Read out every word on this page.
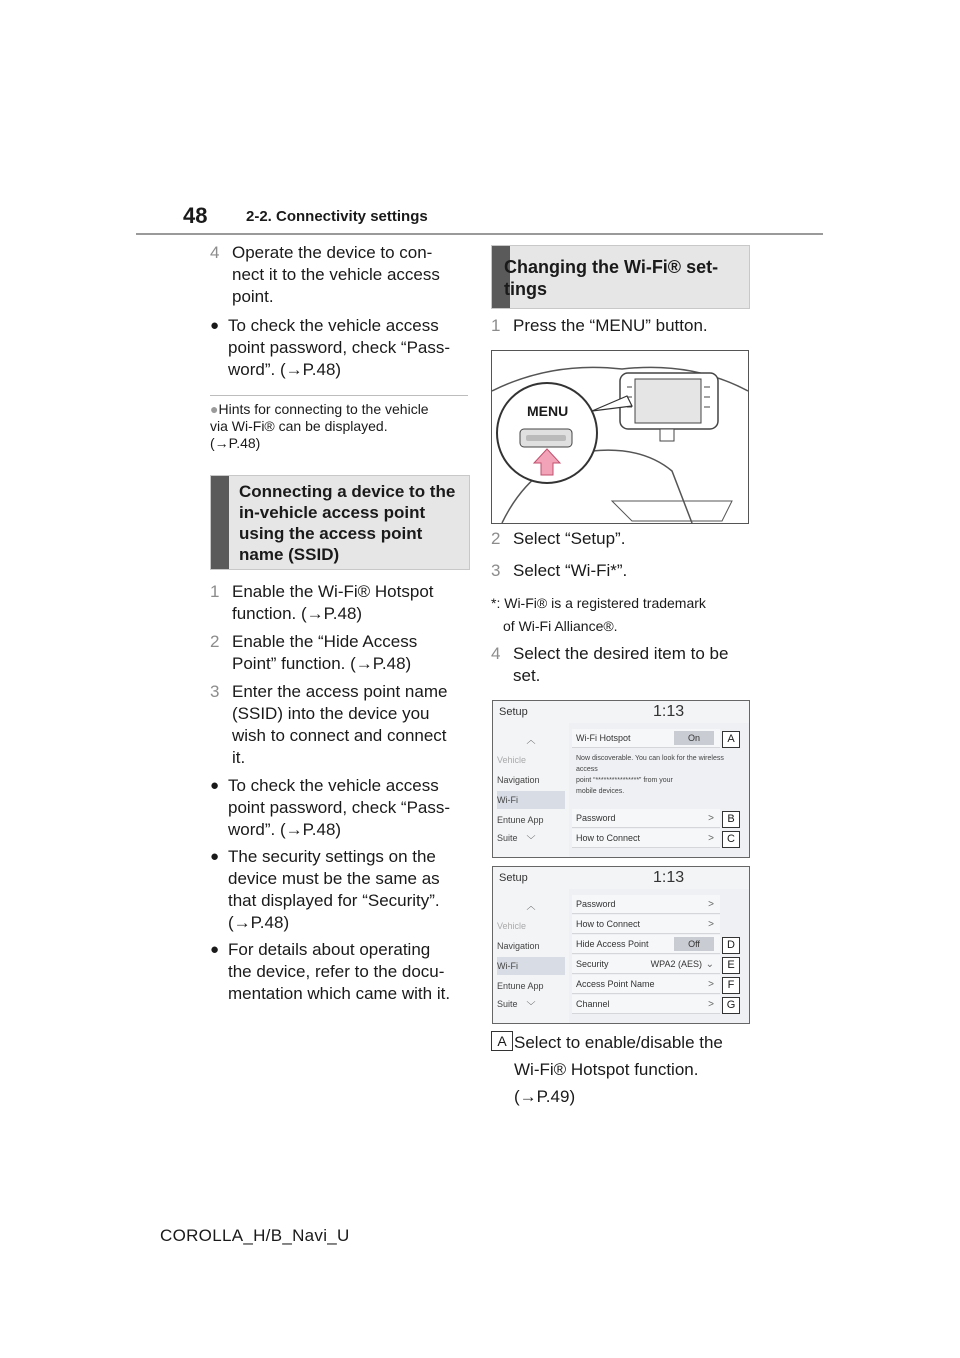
48	2-2. Connectivity settings
4 Operate the device to con-
nect it to the vehicle access
point.
● To check the vehicle access
point password, check “Pass-
word”. (→P.48)
●Hints for connecting to the vehicle
via Wi-Fi® can be displayed.
(→P.48)
Connecting a device to the
in-vehicle access point
using the access point
name (SSID)
1 Enable the Wi-Fi® Hotspot
function. (→P.48)
2 Enable the “Hide Access
Point” function. (→P.48)
3 Enter the access point name
(SSID) into the device you
wish to connect and connect
it.
● To check the vehicle access
point password, check “Pass-
word”. (→P.48)
● The security settings on the
device must be the same as
that displayed for “Security”.
(→P.48)
● For details about operating
the device, refer to the docu-
mentation which came with it.
Changing the Wi-Fi® set-
tings
1 Press the “MENU” button.
MENU
2 Select “Setup”.
3 Select “Wi-Fi*”.
*: Wi-Fi® is a registered trademark
of Wi-Fi Alliance®.
4 Select the desired item to be
set.
Setup	1:13
︿
Vehicle
Navigation
Wi-Fi
Entune App Suite ﹀
Wi-Fi Hotspot	On
Now discoverable. You can look for the wireless access
point “****************” from your
mobile devices.
Password	>
How to Connect	>
A
B
C
Setup	1:13
︿
Vehicle
Navigation
Wi-Fi
Entune App Suite ﹀
Password	>
How to Connect	>
Hide Access Point	Off
Security	WPA2 (AES) ⌄
Access Point Name	>
Channel	>
D
E
F
G
A Select to enable/disable the
Wi-Fi® Hotspot function.
(→P.49)
COROLLA_H/B_Navi_U
